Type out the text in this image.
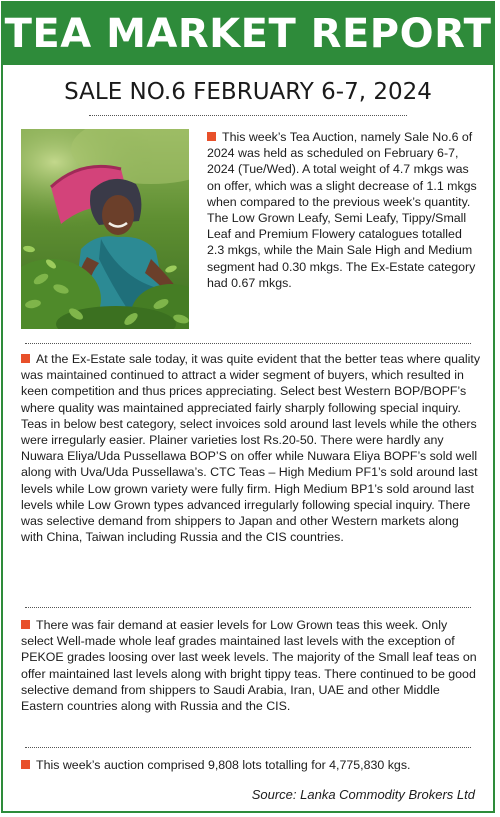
TEA MARKET REPORT
SALE NO.6 FEBRUARY 6-7, 2024
This week’s Tea Auction, namely Sale No.6 of 2024 was held as scheduled on February 6-7, 2024 (Tue/Wed). A total weight of 4.7 mkgs was on offer, which was a slight decrease of 1.1 mkgs when compared to the previous week’s quantity. The Low Grown Leafy, Semi Leafy, Tippy/Small Leaf and Premium Flowery catalogues totalled 2.3 mkgs, while the Main Sale High and Medium segment had 0.30 mkgs. The Ex-Estate category had 0.67 mkgs.
At the Ex-Estate sale today, it was quite evident that the better teas where quality was maintained continued to attract a wider segment of buyers, which resulted in keen competition and thus prices appreciating. Select best Western BOP/BOPF’s where quality was maintained appreciated fairly sharply following special inquiry. Teas in below best category, select invoices sold around last levels while the others were irregularly easier. Plainer varieties lost Rs.20-50. There were hardly any Nuwara Eliya/Uda Pussellawa BOP’S on offer while Nuwara Eliya BOPF’s sold well along with Uva/Uda Pussellawa’s. CTC Teas – High Medium PF1’s sold around last levels while Low grown variety were fully firm. High Medium BP1’s sold around last levels while Low Grown types advanced irregularly following special inquiry. There was selective demand from shippers to Japan and other Western markets along with China, Taiwan including Russia and the CIS countries.
There was fair demand at easier levels for Low Grown teas this week. Only select Well-made whole leaf grades maintained last levels with the exception of PEKOE grades loosing over last week levels. The majority of the Small leaf teas on offer maintained last levels along with bright tippy teas. There continued to be good selective demand from shippers to Saudi Arabia, Iran, UAE and other Middle Eastern countries along with Russia and the CIS.
This week’s auction comprised 9,808 lots totalling for 4,775,830 kgs.
Source: Lanka Commodity Brokers Ltd
